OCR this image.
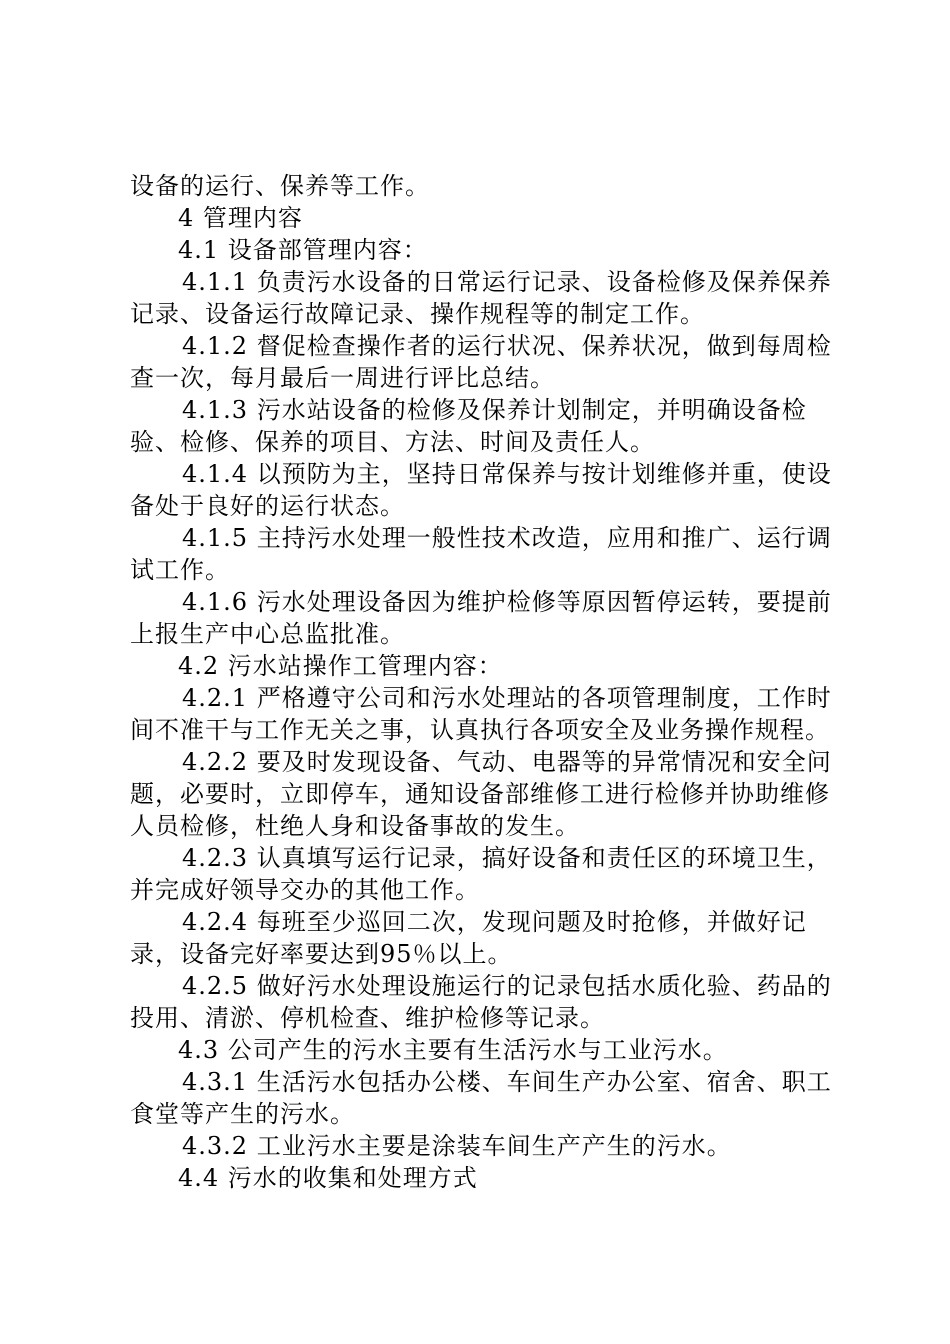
设备的运行、保养等工作。

4 管理内容

4.1 设备部管理内容：

4.1.1 负责污水设备的日常运行记录、设备检修及保养保养记录、设备运行故障记录、操作规程等的制定工作。

4.1.2 督促检查操作者的运行状况、保养状况，做到每周检查一次，每月最后一周进行评比总结。

4.1.3 污水站设备的检修及保养计划制定，并明确设备检验、检修、保养的项目、方法、时间及责任人。

4.1.4 以预防为主，坚持日常保养与按计划维修并重，使设备处于良好的运行状态。

4.1.5 主持污水处理一般性技术改造，应用和推广、运行调试工作。

4.1.6 污水处理设备因为维护检修等原因暂停运转，要提前上报生产中心总监批准。

4.2 污水站操作工管理内容：

4.2.1 严格遵守公司和污水处理站的各项管理制度，工作时间不准干与工作无关之事，认真执行各项安全及业务操作规程。

4.2.2 要及时发现设备、气动、电器等的异常情况和安全问题，必要时，立即停车，通知设备部维修工进行检修并协助维修人员检修，杜绝人身和设备事故的发生。

4.2.3 认真填写运行记录，搞好设备和责任区的环境卫生，并完成好领导交办的其他工作。

4.2.4 每班至少巡回二次，发现问题及时抢修，并做好记录，设备完好率要达到95％以上。

4.2.5 做好污水处理设施运行的记录包括水质化验、药品的投用、清淤、停机检查、维护检修等记录。

4.3 公司产生的污水主要有生活污水与工业污水。

4.3.1 生活污水包括办公楼、车间生产办公室、宿舍、职工食堂等产生的污水。

4.3.2 工业污水主要是涂装车间生产产生的污水。

4.4 污水的收集和处理方式
